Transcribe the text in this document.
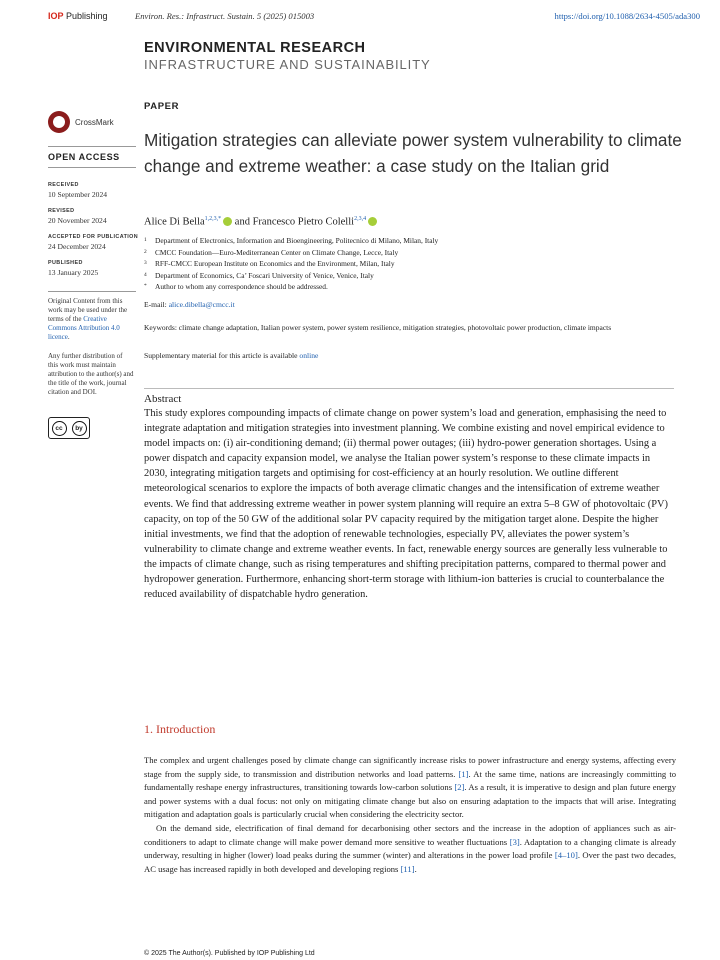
IOP Publishing	Environ. Res.: Infrastruct. Sustain. 5 (2025) 015003	https://doi.org/10.1088/2634-4505/ada300
ENVIRONMENTAL RESEARCH
INFRASTRUCTURE AND SUSTAINABILITY
CrossMark
OPEN ACCESS
RECEIVED
10 September 2024
REVISED
20 November 2024
ACCEPTED FOR PUBLICATION
24 December 2024
PUBLISHED
13 January 2025
Original Content from this work may be used under the terms of the Creative Commons Attribution 4.0 licence.
Any further distribution of this work must maintain attribution to the author(s) and the title of the work, journal citation and DOI.
cc	by
PAPER
Mitigation strategies can alleviate power system vulnerability to climate change and extreme weather: a case study on the Italian grid
Alice Di Bella$^{1,2,3,*}$ and Francesco Pietro Colelli$^{2,3,4}$
1 Department of Electronics, Information and Bioengineering, Politecnico di Milano, Milan, Italy
2 CMCC Foundation—Euro-Mediterranean Center on Climate Change, Lecce, Italy
3 RFF-CMCC European Institute on Economics and the Environment, Milan, Italy
4 Department of Economics, Ca’ Foscari University of Venice, Venice, Italy
* Author to whom any correspondence should be addressed.
E-mail: alice.dibella@cmcc.it
Keywords: climate change adaptation, Italian power system, power system resilience, mitigation strategies, photovoltaic power production, climate impacts
Supplementary material for this article is available online
Abstract
This study explores compounding impacts of climate change on power system’s load and generation, emphasising the need to integrate adaptation and mitigation strategies into investment planning. We combine existing and novel empirical evidence to model impacts on: (i) air-conditioning demand; (ii) thermal power outages; (iii) hydro-power generation shortages. Using a power dispatch and capacity expansion model, we analyse the Italian power system’s response to these climate impacts in 2030, integrating mitigation targets and optimising for cost-efficiency at an hourly resolution. We outline different meteorological scenarios to explore the impacts of both average climatic changes and the intensification of extreme weather events. We find that addressing extreme weather in power system planning will require an extra 5–8 GW of photovoltaic (PV) capacity, on top of the 50 GW of the additional solar PV capacity required by the mitigation target alone. Despite the higher initial investments, we find that the adoption of renewable technologies, especially PV, alleviates the power system’s vulnerability to climate change and extreme weather events. In fact, renewable energy sources are generally less vulnerable to the impacts of climate change, such as rising temperatures and shifting precipitation patterns, compared to thermal power and hydropower generation. Furthermore, enhancing short-term storage with lithium-ion batteries is crucial to counterbalance the reduced availability of dispatchable hydro generation.
1. Introduction

The complex and urgent challenges posed by climate change can significantly increase risks to power infrastructure and energy systems, affecting every stage from the supply side, to transmission and distribution networks and load patterns. [1]. At the same time, nations are increasingly committing to fundamentally reshape energy infrastructures, transitioning towards low-carbon solutions [2]. As a result, it is imperative to design and plan future energy and power systems with a dual focus: not only on mitigating climate change but also on ensuring adaptation to the impacts that will arise. Integrating mitigation and adaptation goals is particularly crucial when considering the electricity sector.

On the demand side, electrification of final demand for decarbonising other sectors and the increase in the adoption of appliances such as air-conditioners to adapt to climate change will make power demand more sensitive to weather fluctuations [3]. Adaptation to a changing climate is already underway, resulting in higher (lower) load peaks during the summer (winter) and alterations in the power load profile [4–10]. Over the past two decades, AC usage has increased rapidly in both developed and developing regions [11].

© 2025 The Author(s). Published by IOP Publishing Ltd
